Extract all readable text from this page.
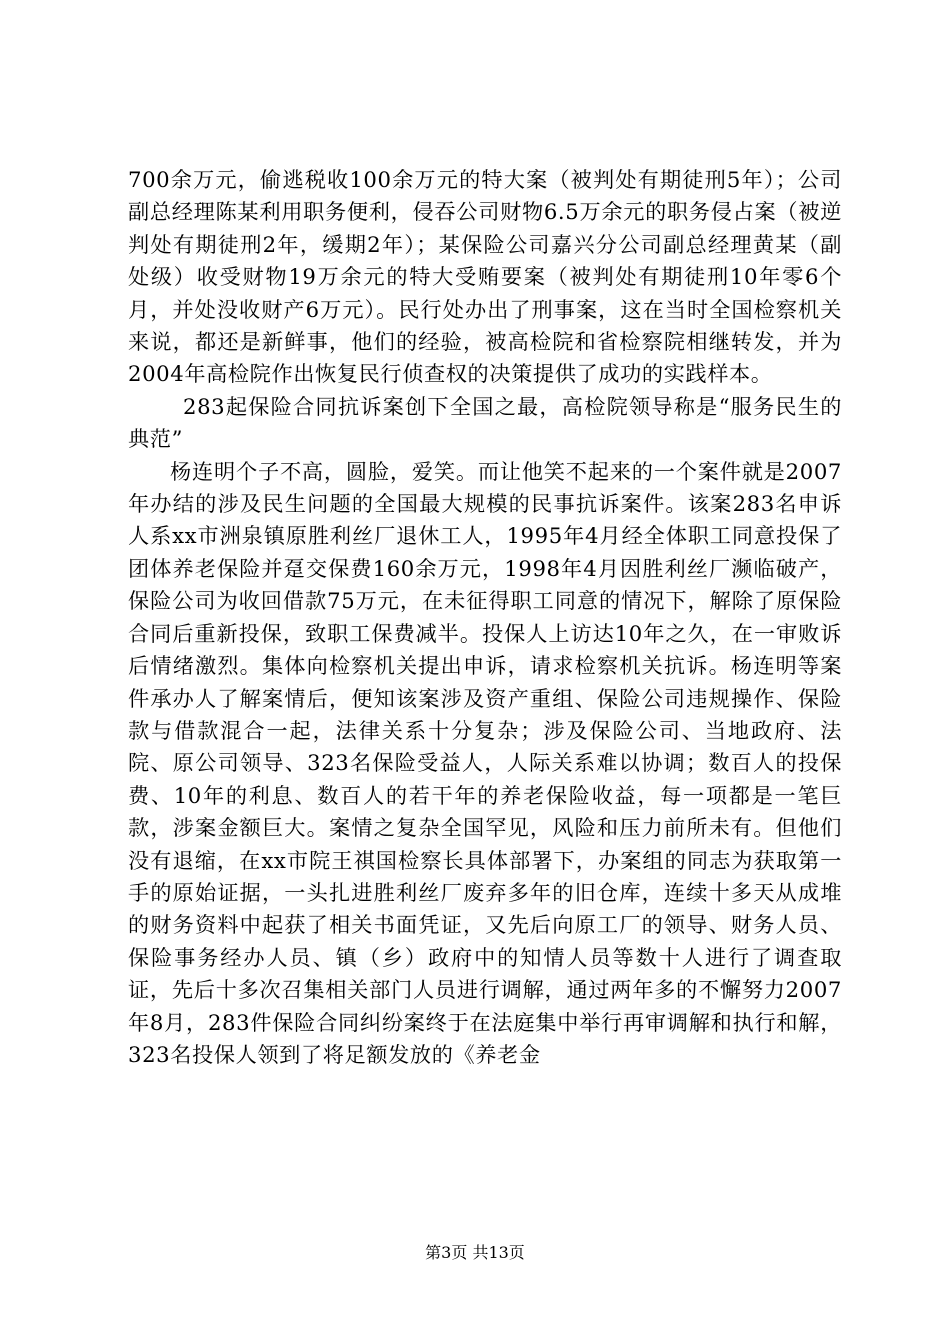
700余万元，偷逃税收100余万元的特大案（被判处有期徒刑5年）；公司副总经理陈某利用职务便利，侵吞公司财物6.5万余元的职务侵占案（被逆判处有期徒刑2年，缓期2年）；某保险公司嘉兴分公司副总经理黄某（副处级）收受财物19万余元的特大受贿要案（被判处有期徒刑10年零6个月，并处没收财产6万元）。民行处办出了刑事案，这在当时全国检察机关来说，都还是新鲜事，他们的经验，被高检院和省检察院相继转发，并为2004年高检院作出恢复民行侦查权的决策提供了成功的实践样本。

283起保险合同抗诉案创下全国之最，高检院领导称是“服务民生的典范”

杨连明个子不高，圆脸，爱笑。而让他笑不起来的一个案件就是2007年办结的涉及民生问题的全国最大规模的民事抗诉案件。该案283名申诉人系xx市洲泉镇原胜利丝厂退休工人，1995年4月经全体职工同意投保了团体养老保险并趸交保费160余万元，1998年4月因胜利丝厂濒临破产，保险公司为收回借款75万元，在未征得职工同意的情况下，解除了原保险合同后重新投保，致职工保费减半。投保人上访达10年之久，在一审败诉后情绪激烈。集体向检察机关提出申诉，请求检察机关抗诉。杨连明等案件承办人了解案情后，便知该案涉及资产重组、保险公司违规操作、保险款与借款混合一起，法律关系十分复杂；涉及保险公司、当地政府、法院、原公司领导、323名保险受益人，人际关系难以协调；数百人的投保费、10年的利息、数百人的若干年的养老保险收益，每一项都是一笔巨款，涉案金额巨大。案情之复杂全国罕见，风险和压力前所未有。但他们没有退缩，在xx市院王祺国检察长具体部署下，办案组的同志为获取第一手的原始证据，一头扎进胜利丝厂废弃多年的旧仓库，连续十多天从成堆的财务资料中起获了相关书面凭证，又先后向原工厂的领导、财务人员、保险事务经办人员、镇（乡）政府中的知情人员等数十人进行了调查取证，先后十多次召集相关部门人员进行调解，通过两年多的不懈努力2007年8月，283件保险合同纠纷案终于在法庭集中举行再审调解和执行和解，323名投保人领到了将足额发放的《养老金

第3页 共13页
